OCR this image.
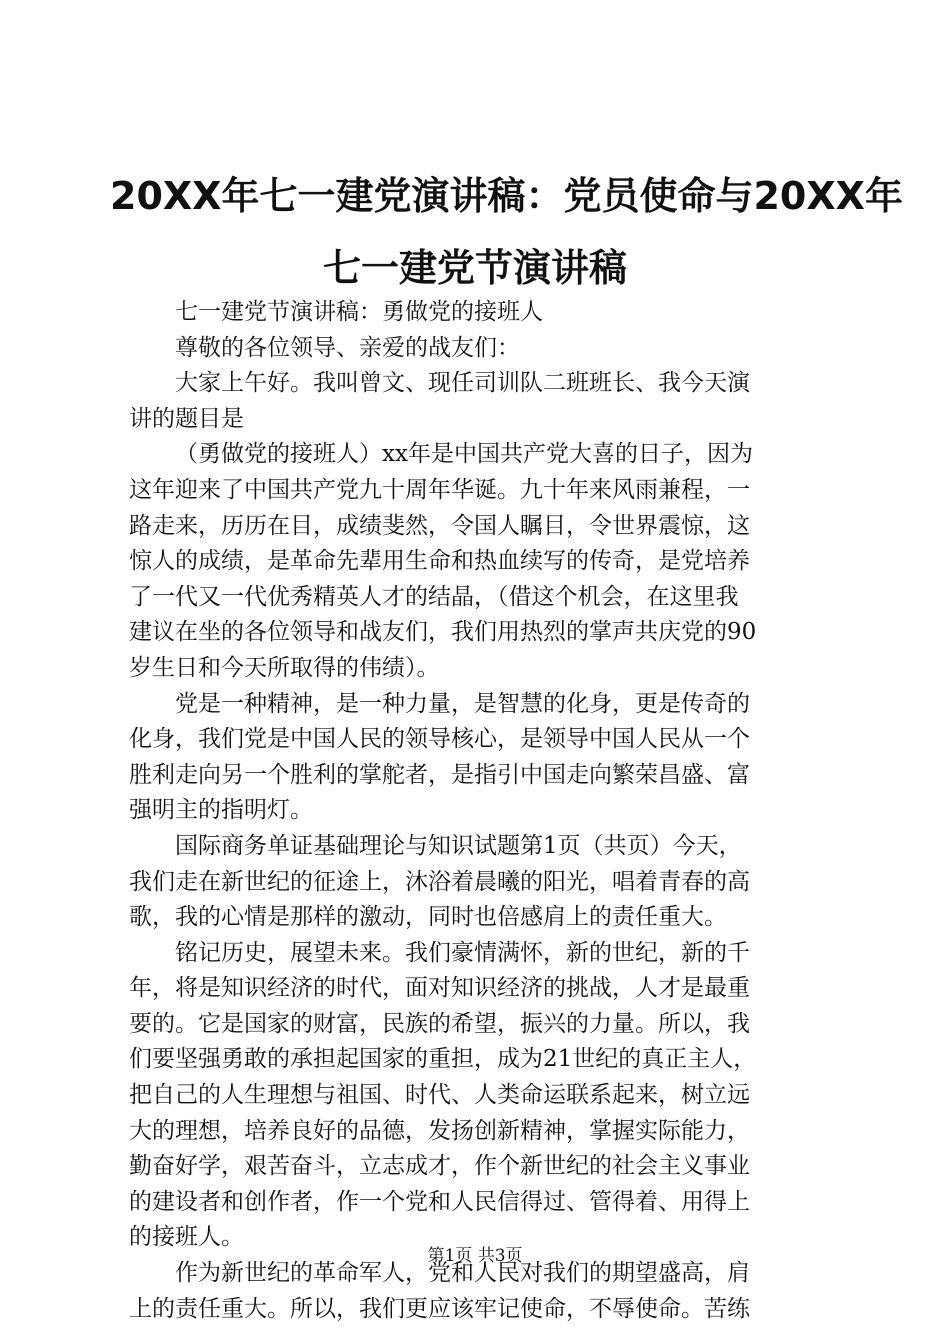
20XX年七一建党演讲稿：党员使命与20XX年
七一建党节演讲稿

七一建党节演讲稿：勇做党的接班人

尊敬的各位领导、亲爱的战友们：

大家上午好。我叫曾文、现任司训队二班班长、我今天演
讲的题目是

（勇做党的接班人）xx年是中国共产党大喜的日子，因为
这年迎来了中国共产党九十周年华诞。九十年来风雨兼程，一
路走来，历历在目，成绩斐然，令国人瞩目，令世界震惊，这
惊人的成绩，是革命先辈用生命和热血续写的传奇，是党培养
了一代又一代优秀精英人才的结晶，（借这个机会，在这里我
建议在坐的各位领导和战友们，我们用热烈的掌声共庆党的90
岁生日和今天所取得的伟绩）。

党是一种精神，是一种力量，是智慧的化身，更是传奇的
化身，我们党是中国人民的领导核心，是领导中国人民从一个
胜利走向另一个胜利的掌舵者，是指引中国走向繁荣昌盛、富
强明主的指明灯。

国际商务单证基础理论与知识试题第1页（共页）今天，
我们走在新世纪的征途上，沐浴着晨曦的阳光，唱着青春的高
歌，我的心情是那样的激动，同时也倍感肩上的责任重大。

铭记历史，展望未来。我们豪情满怀，新的世纪，新的千
年，将是知识经济的时代，面对知识经济的挑战，人才是最重
要的。它是国家的财富，民族的希望，振兴的力量。所以，我
们要坚强勇敢的承担起国家的重担，成为21世纪的真正主人，
把自己的人生理想与祖国、时代、人类命运联系起来，树立远
大的理想，培养良好的品德，发扬创新精神，掌握实际能力，
勤奋好学，艰苦奋斗，立志成才，作个新世纪的社会主义事业
的建设者和创作者，作一个党和人民信得过、管得着、用得上
的接班人。

作为新世纪的革命军人，党和人民对我们的期望盛高，肩
上的责任重大。所以，我们更应该牢记使命，不辱使命。苦练

第1页 共3页
